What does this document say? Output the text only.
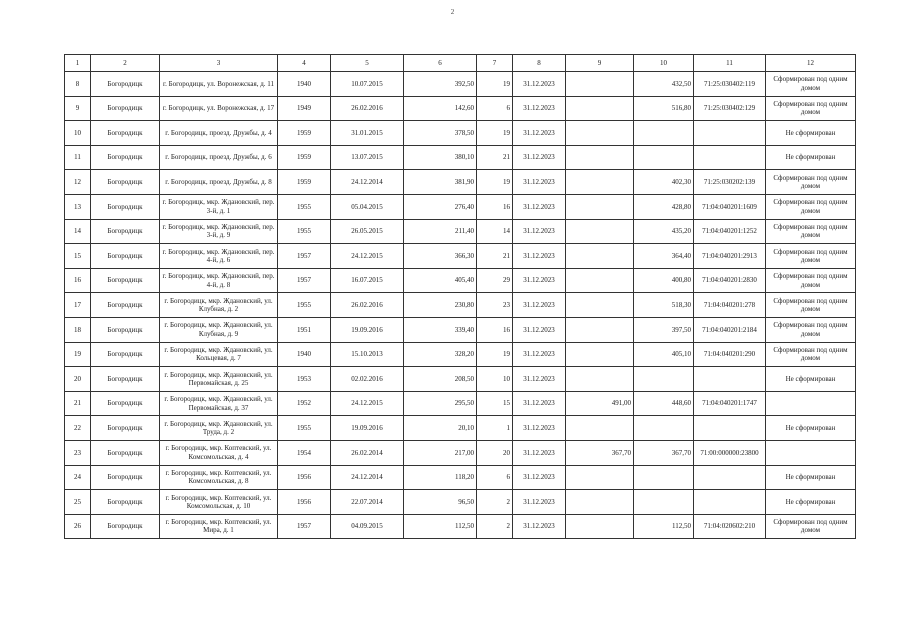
2
1	2	3	4	5	6	7	8	9	10	11	12
8	Богородицк	г. Богородицк, ул. Воронежская, д. 11	1940	10.07.2015	392,50	19	31.12.2023		432,50	71:25:030402:119	Сформирован под одним домом
9	Богородицк	г. Богородицк, ул. Воронежская, д. 17	1949	26.02.2016	142,60	6	31.12.2023		516,80	71:25:030402:129	Сформирован под одним домом
10	Богородицк	г. Богородицк, проезд. Дружбы, д. 4	1959	31.01.2015	378,50	19	31.12.2023				Не сформирован
11	Богородицк	г. Богородицк, проезд. Дружбы, д. 6	1959	13.07.2015	380,10	21	31.12.2023				Не сформирован
12	Богородицк	г. Богородицк, проезд. Дружбы, д. 8	1959	24.12.2014	381,90	19	31.12.2023		402,30	71:25:030202:139	Сформирован под одним домом
13	Богородицк	г. Богородицк, мкр. Ждановский, пер. 3-й, д. 1	1955	05.04.2015	276,40	16	31.12.2023		428,80	71:04:040201:1609	Сформирован под одним домом
14	Богородицк	г. Богородицк, мкр. Ждановский, пер. 3-й, д. 9	1955	26.05.2015	211,40	14	31.12.2023		435,20	71:04:040201:1252	Сформирован под одним домом
15	Богородицк	г. Богородицк, мкр. Ждановский, пер. 4-й, д. 6	1957	24.12.2015	366,30	21	31.12.2023		364,40	71:04:040201:2913	Сформирован под одним домом
16	Богородицк	г. Богородицк, мкр. Ждановский, пер. 4-й, д. 8	1957	16.07.2015	405,40	29	31.12.2023		400,80	71:04:040201:2830	Сформирован под одним домом
17	Богородицк	г. Богородицк, мкр. Ждановский, ул. Клубная, д. 2	1955	26.02.2016	230,80	23	31.12.2023		518,30	71:04:040201:278	Сформирован под одним домом
18	Богородицк	г. Богородицк, мкр. Ждановский, ул. Клубная, д. 9	1951	19.09.2016	339,40	16	31.12.2023		397,50	71:04:040201:2184	Сформирован под одним домом
19	Богородицк	г. Богородицк, мкр. Ждановский, ул. Кольцевая, д. 7	1940	15.10.2013	328,20	19	31.12.2023		405,10	71:04:040201:290	Сформирован под одним домом
20	Богородицк	г. Богородицк, мкр. Ждановский, ул. Первомайская, д. 25	1953	02.02.2016	208,50	10	31.12.2023				Не сформирован
21	Богородицк	г. Богородицк, мкр. Ждановский, ул. Первомайская, д. 37	1952	24.12.2015	295,50	15	31.12.2023	491,00	448,60	71:04:040201:1747	
22	Богородицк	г. Богородицк, мкр. Ждановский, ул. Труда, д. 2	1955	19.09.2016	20,10	1	31.12.2023				Не сформирован
23	Богородицк	г. Богородицк, мкр. Коптевский, ул. Комсомольская, д. 4	1954	26.02.2014	217,00	20	31.12.2023	367,70	367,70	71:00:000000:23800	
24	Богородицк	г. Богородицк, мкр. Коптевский, ул. Комсомольская, д. 8	1956	24.12.2014	118,20	6	31.12.2023				Не сформирован
25	Богородицк	г. Богородицк, мкр. Коптевский, ул. Комсомольская, д. 10	1956	22.07.2014	96,50	2	31.12.2023				Не сформирован
26	Богородицк	г. Богородицк, мкр. Коптевский, ул. Мира, д. 1	1957	04.09.2015	112,50	2	31.12.2023		112,50	71:04:020602:210	Сформирован под одним домом
